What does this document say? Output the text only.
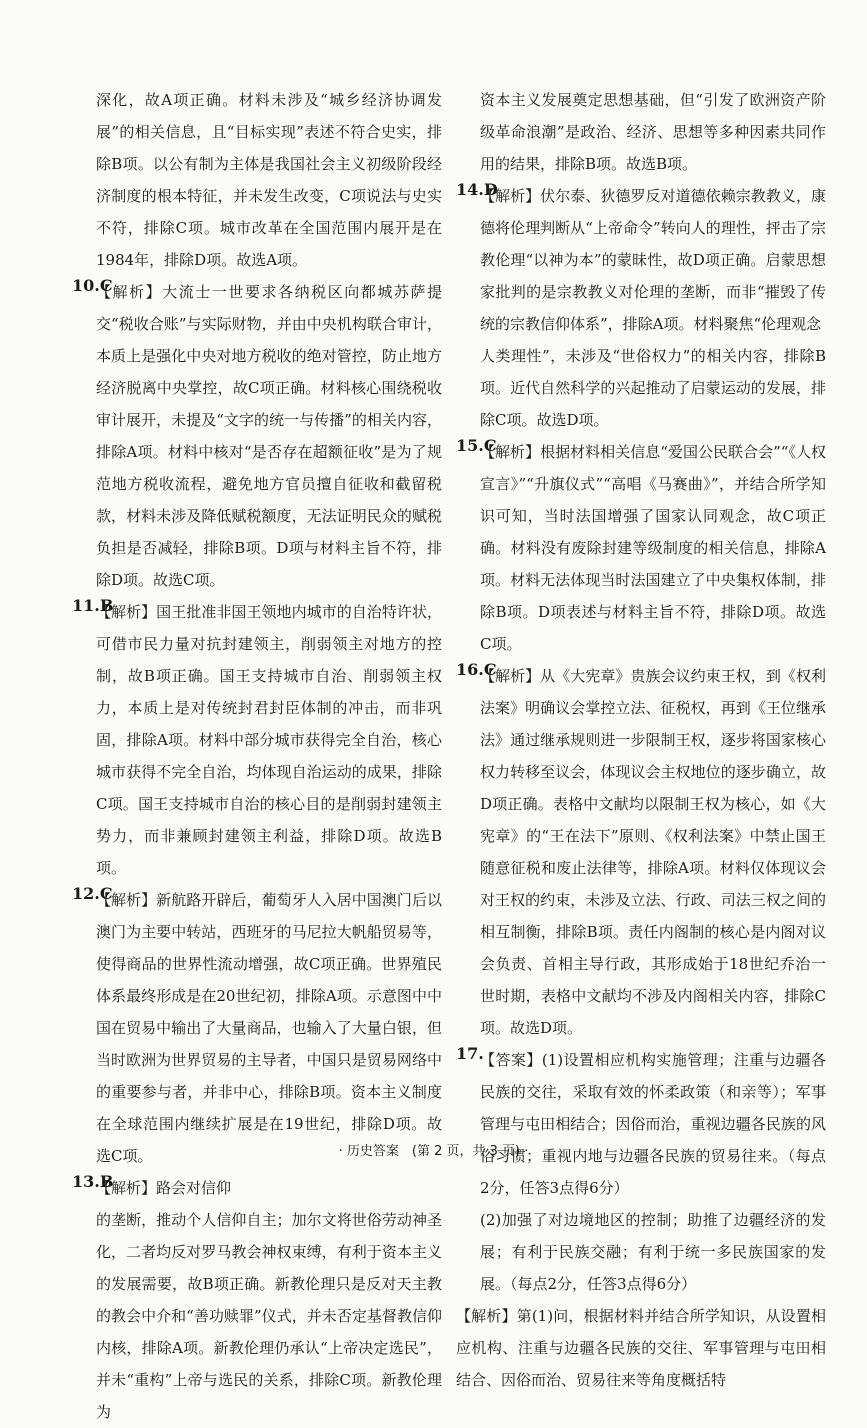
深化，故A项正确。材料未涉及“城乡经济协调发展”的相关信息，且“目标实现”表述不符合史实，排除B项。以公有制为主体是我国社会主义初级阶段经济制度的根本特征，并未发生改变，C项说法与史实不符，排除C项。城市改革在全国范围内展开是在1984年，排除D项。故选A项。

10.C

【解析】大流士一世要求各纳税区向都城苏萨提交“税收合账”与实际财物，并由中央机构联合审计，本质上是强化中央对地方税收的绝对管控，防止地方经济脱离中央掌控，故C项正确。材料核心围绕税收审计展开，未提及“文字的统一与传播”的相关内容，排除A项。材料中核对“是否存在超额征收”是为了规范地方税收流程，避免地方官员擅自征收和截留税款，材料未涉及降低赋税额度，无法证明民众的赋税负担是否减轻，排除B项。D项与材料主旨不符，排除D项。故选C项。

11.B

【解析】国王批准非国王领地内城市的自治特许状，可借市民力量对抗封建领主，削弱领主对地方的控制，故B项正确。国王支持城市自治、削弱领主权力，本质上是对传统封君封臣体制的冲击，而非巩固，排除A项。材料中部分城市获得完全自治，核心城市获得不完全自治，均体现自治运动的成果，排除C项。国王支持城市自治的核心目的是削弱封建领主势力，而非兼顾封建领主利益，排除D项。故选B项。

12.C

【解析】新航路开辟后，葡萄牙人入居中国澳门后以澳门为主要中转站，西班牙的马尼拉大帆船贸易等，使得商品的世界性流动增强，故C项正确。世界殖民体系最终形成是在20世纪初，排除A项。示意图中中国在贸易中输出了大量商品，也输入了大量白银，但当时欧洲为世界贸易的主导者，中国只是贸易网络中的重要参与者，并非中心，排除B项。资本主义制度在全球范围内继续扩展是在19世纪，排除D项。故选C项。

13.B

【解析】路会对信仰

的垄断，推动个人信仰自主；加尔文将世俗劳动神圣化，二者均反对罗马教会神权束缚，有利于资本主义的发展需要，故B项正确。新教伦理只是反对天主教的教会中介和“善功赎罪”仪式，并未否定基督教信仰内核，排除A项。新教伦理仍承认“上帝决定选民”，并未“重构”上帝与选民的关系，排除C项。新教伦理为

资本主义发展奠定思想基础，但“引发了欧洲资产阶级革命浪潮”是政治、经济、思想等多种因素共同作用的结果，排除B项。故选B项。

14.D

【解析】伏尔泰、狄德罗反对道德依赖宗教教义，康德将伦理判断从“上帝命令”转向人的理性，抨击了宗教伦理“以神为本”的蒙昧性，故D项正确。启蒙思想家批判的是宗教教义对伦理的垄断，而非“摧毁了传统的宗教信仰体系”，排除A项。材料聚焦“伦理观念

人类理性”，未涉及“世俗权力”的相关内容，排除B项。近代自然科学的兴起推动了启蒙运动的发展，排除C项。故选D项。

15.C

【解析】根据材料相关信息“爱国公民联合会”“《人权宣言》”“升旗仪式”“高唱《马赛曲》”，并结合所学知识可知，当时法国增强了国家认同观念，故C项正确。材料没有废除封建等级制度的相关信息，排除A项。材料无法体现当时法国建立了中央集权体制，排除B项。D项表述与材料主旨不符，排除D项。故选C项。

16.C

【解析】从《大宪章》贵族会议约束王权，到《权利法案》明确议会掌控立法、征税权，再到《王位继承法》通过继承规则进一步限制王权，逐步将国家核心权力转移至议会，体现议会主权地位的逐步确立，故D项正确。表格中文献均以限制王权为核心，如《大宪章》的“王在法下”原则、《权利法案》中禁止国王随意征税和废止法律等，排除A项。材料仅体现议会对王权的约束，未涉及立法、行政、司法三权之间的相互制衡，排除B项。责任内阁制的核心是内阁对议会负责、首相主导行政，其形成始于18世纪乔治一世时期，表格中文献均不涉及内阁相关内容，排除C项。故选D项。

17.

【答案】(1)设置相应机构实施管理；注重与边疆各民族的交往，采取有效的怀柔政策（和亲等）；军事管理与屯田相结合；因俗而治，重视边疆各民族的风俗习惯；重视内地与边疆各民族的贸易往来。（每点2分，任答3点得6分）

(2)加强了对边境地区的控制；助推了边疆经济的发展；有利于民族交融；有利于统一多民族国家的发展。（每点2分，任答3点得6分）

【解析】第(1)问，根据材料并结合所学知识，从设置相应机构、注重与边疆各民族的交往、军事管理与屯田相结合、因俗而治、贸易往来等角度概括特

· 历史答案　(第 2 页，共 3 页) ·
